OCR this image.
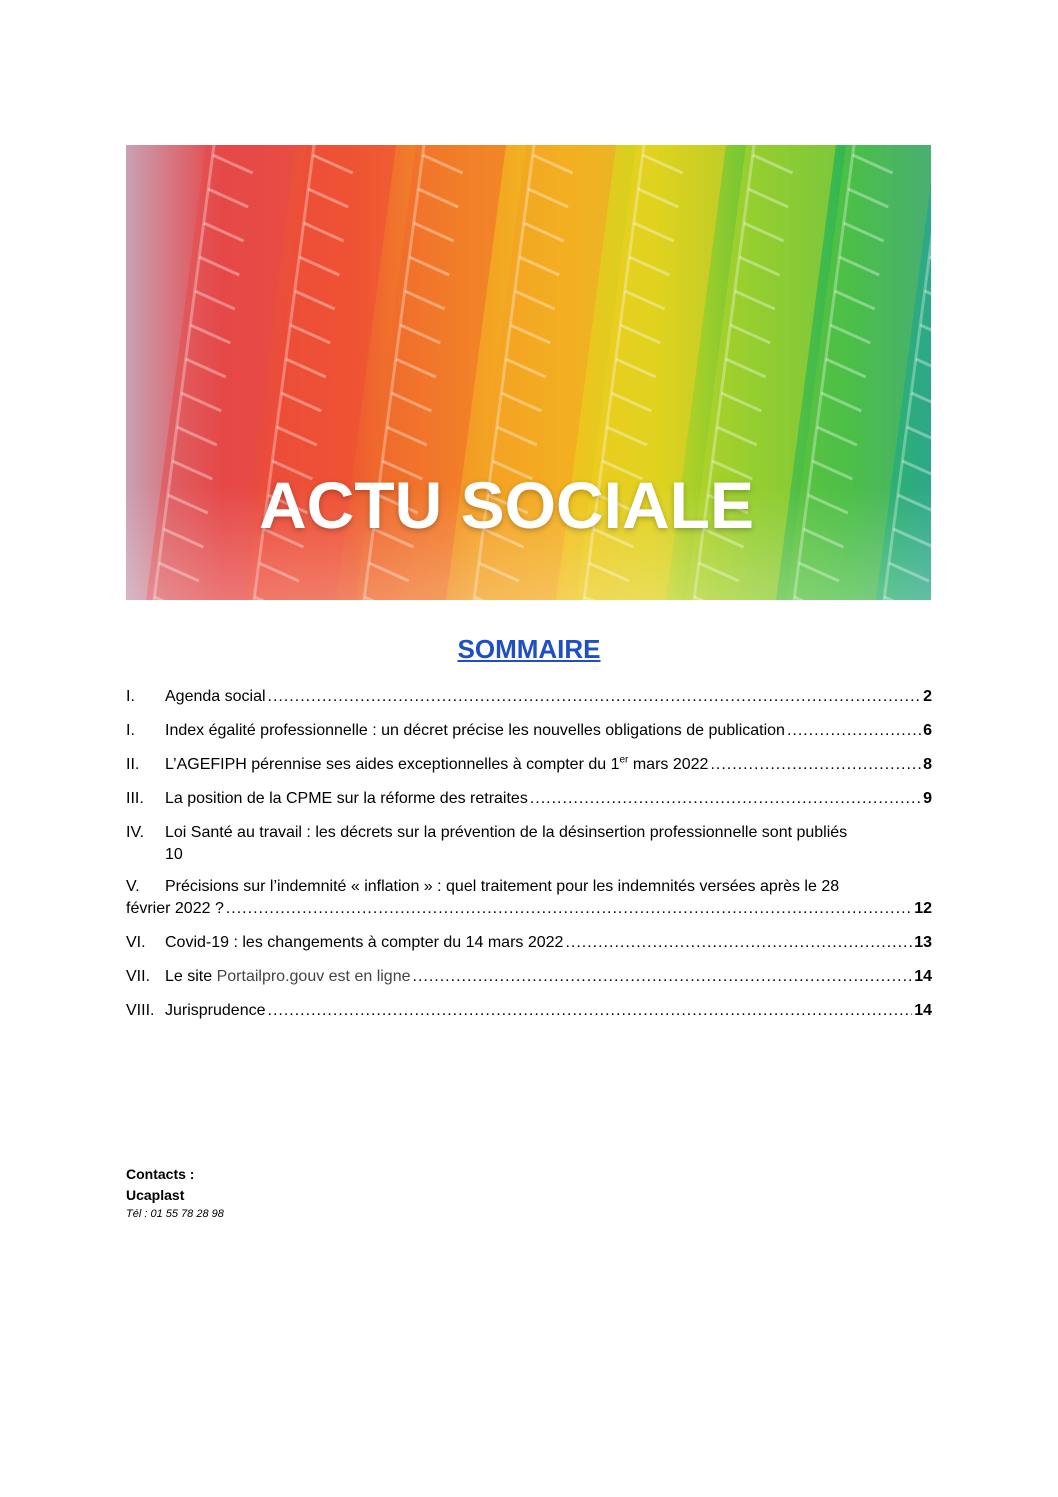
ACTU SOCIALE
SOMMAIRE
I.	Agenda social .....	2
I.	Index égalité professionnelle : un décret précise les nouvelles obligations de publication .....	6
II.	L’AGEFIPH pérennise ses aides exceptionnelles à compter du 1er mars 2022 .....	8
III.	La position de la CPME sur la réforme des retraites .....	9
IV.	Loi Santé au travail : les décrets sur la prévention de la désinsertion professionnelle sont publiés
10
V.	Précisions sur l’indemnité « inflation » : quel traitement pour les indemnités versées après le 28
février 2022 ? .....	12
VI.	Covid-19 : les changements à compter du 14 mars 2022 .....	13
VII. Le site Portailpro.gouv est en ligne .....	14
VIII. Jurisprudence .....	14
Contacts :
Ucaplast
Tél : 01 55 78 28 98
